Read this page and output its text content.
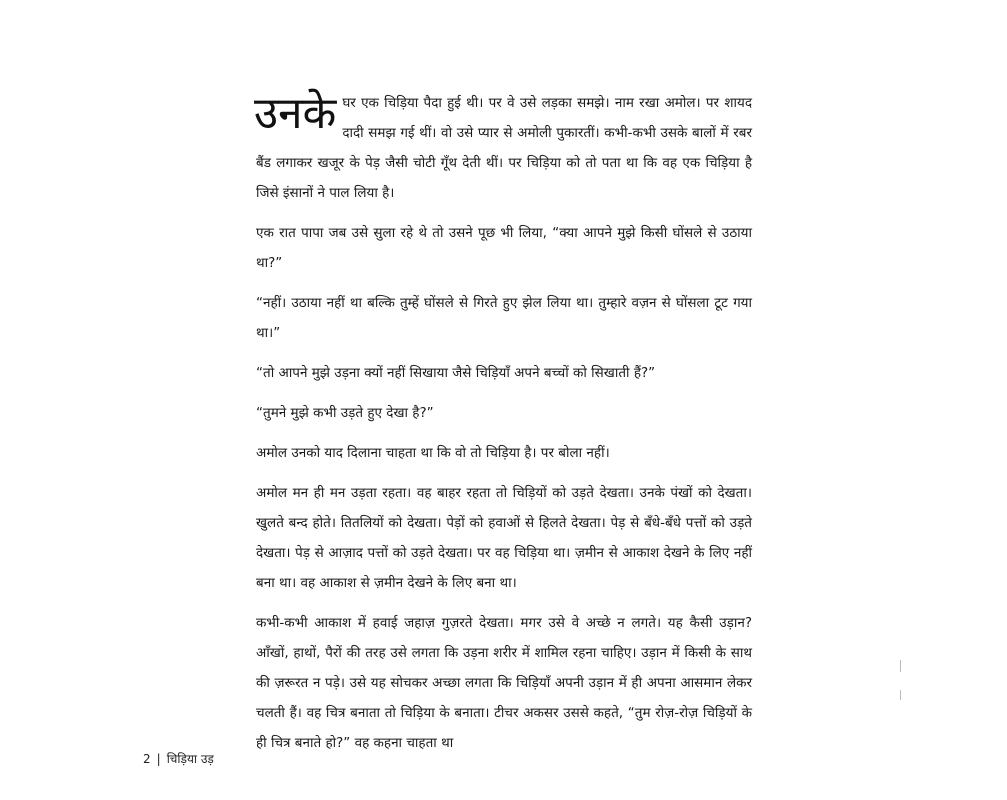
उनके घर एक चिड़िया पैदा हुई थी। पर वे उसे लड़का समझे। नाम रखा अमोल। पर शायद दादी समझ गई थीं। वो उसे प्यार से अमोली पुकारतीं। कभी-कभी उसके बालों में रबर बैंड लगाकर खजूर के पेड़ जैसी चोटी गूँथ देती थीं। पर चिड़िया को तो पता था कि वह एक चिड़िया है जिसे इंसानों ने पाल लिया है।

एक रात पापा जब उसे सुला रहे थे तो उसने पूछ भी लिया, “क्या आपने मुझे किसी घोंसले से उठाया था?”

“नहीं। उठाया नहीं था बल्कि तुम्हें घोंसले से गिरते हुए झेल लिया था। तुम्हारे वज़न से घोंसला टूट गया था।”

“तो आपने मुझे उड़ना क्यों नहीं सिखाया जैसे चिड़ियाँ अपने बच्चों को सिखाती हैं?”

“तुमने मुझे कभी उड़ते हुए देखा है?”

अमोल उनको याद दिलाना चाहता था कि वो तो चिड़िया है। पर बोला नहीं।

अमोल मन ही मन उड़ता रहता। वह बाहर रहता तो चिड़ियों को उड़ते देखता। उनके पंखों को देखता। खुलते बन्द होते। तितलियों को देखता। पेड़ों को हवाओं से हिलते देखता। पेड़ से बँधे-बँधे पत्तों को उड़ते देखता। पेड़ से आज़ाद पत्तों को उड़ते देखता। पर वह चिड़िया था। ज़मीन से आकाश देखने के लिए नहीं बना था। वह आकाश से ज़मीन देखने के लिए बना था।

कभी-कभी आकाश में हवाई जहाज़ गुज़रते देखता। मगर उसे वे अच्छे न लगते। यह कैसी उड़ान? आँखों, हाथों, पैरों की तरह उसे लगता कि उड़ना शरीर में शामिल रहना चाहिए। उड़ान में किसी के साथ की ज़रूरत न पड़े। उसे यह सोचकर अच्छा लगता कि चिड़ियाँ अपनी उड़ान में ही अपना आसमान लेकर चलती हैं। वह चित्र बनाता तो चिड़िया के बनाता। टीचर अकसर उससे कहते, “तुम रोज़-रोज़ चिड़ियों के ही चित्र बनाते हो?” वह कहना चाहता था

2 | चिड़िया उड़
